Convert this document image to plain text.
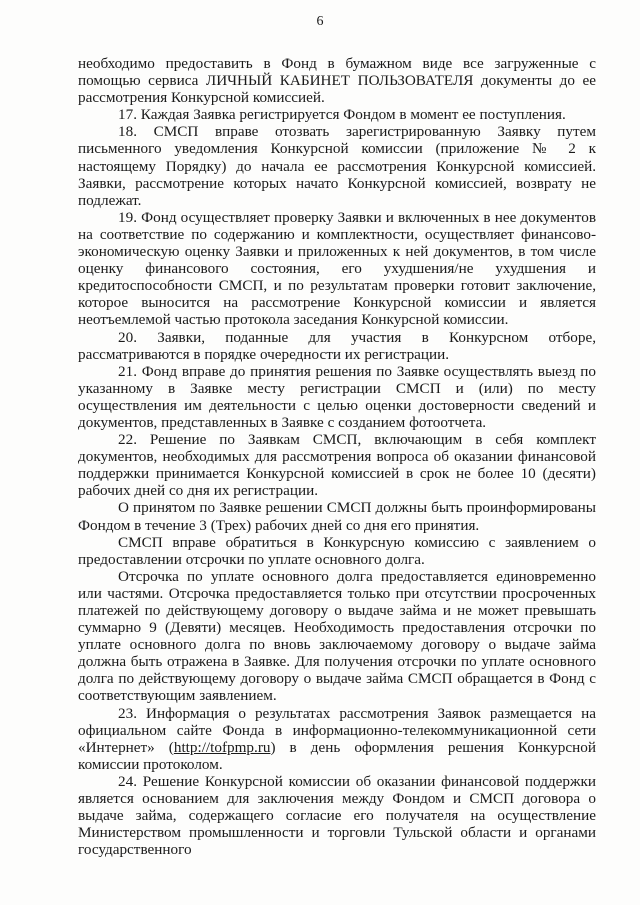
6

необходимо предоставить в Фонд в бумажном виде все загруженные с помощью сервиса ЛИЧНЫЙ КАБИНЕТ ПОЛЬЗОВАТЕЛЯ документы до ее рассмотрения Конкурсной комиссией.

17. Каждая Заявка регистрируется Фондом в момент ее поступления.

18. СМСП вправе отозвать зарегистрированную Заявку путем письменного уведомления Конкурсной комиссии (приложение № 2 к настоящему Порядку) до начала ее рассмотрения Конкурсной комиссией. Заявки, рассмотрение которых начато Конкурсной комиссией, возврату не подлежат.

19. Фонд осуществляет проверку Заявки и включенных в нее документов на соответствие по содержанию и комплектности, осуществляет финансово-экономическую оценку Заявки и приложенных к ней документов, в том числе оценку финансового состояния, его ухудшения/не ухудшения и кредитоспособности СМСП, и по результатам проверки готовит заключение, которое выносится на рассмотрение Конкурсной комиссии и является неотъемлемой частью протокола заседания Конкурсной комиссии.

20. Заявки, поданные для участия в Конкурсном отборе, рассматриваются в порядке очередности их регистрации.

21. Фонд вправе до принятия решения по Заявке осуществлять выезд по указанному в Заявке месту регистрации СМСП и (или) по месту осуществления им деятельности с целью оценки достоверности сведений и документов, представленных в Заявке с созданием фотоотчета.

22. Решение по Заявкам СМСП, включающим в себя комплект документов, необходимых для рассмотрения вопроса об оказании финансовой поддержки принимается Конкурсной комиссией в срок не более 10 (десяти) рабочих дней со дня их регистрации.

О принятом по Заявке решении СМСП должны быть проинформированы Фондом в течение 3 (Трех) рабочих дней со дня его принятия.

СМСП вправе обратиться в Конкурсную комиссию с заявлением о предоставлении отсрочки по уплате основного долга.

Отсрочка по уплате основного долга предоставляется единовременно или частями. Отсрочка предоставляется только при отсутствии просроченных платежей по действующему договору о выдаче займа и не может превышать суммарно 9 (Девяти) месяцев. Необходимость предоставления отсрочки по уплате основного долга по вновь заключаемому договору о выдаче займа должна быть отражена в Заявке. Для получения отсрочки по уплате основного долга по действующему договору о выдаче займа СМСП обращается в Фонд с соответствующим заявлением.

23. Информация о результатах рассмотрения Заявок размещается на официальном сайте Фонда в информационно-телекоммуникационной сети «Интернет» (http://tofpmp.ru) в день оформления решения Конкурсной комиссии протоколом.

24. Решение Конкурсной комиссии об оказании финансовой поддержки является основанием для заключения между Фондом и СМСП договора о выдаче займа, содержащего согласие его получателя на осуществление Министерством промышленности и торговли Тульской области и органами государственного
